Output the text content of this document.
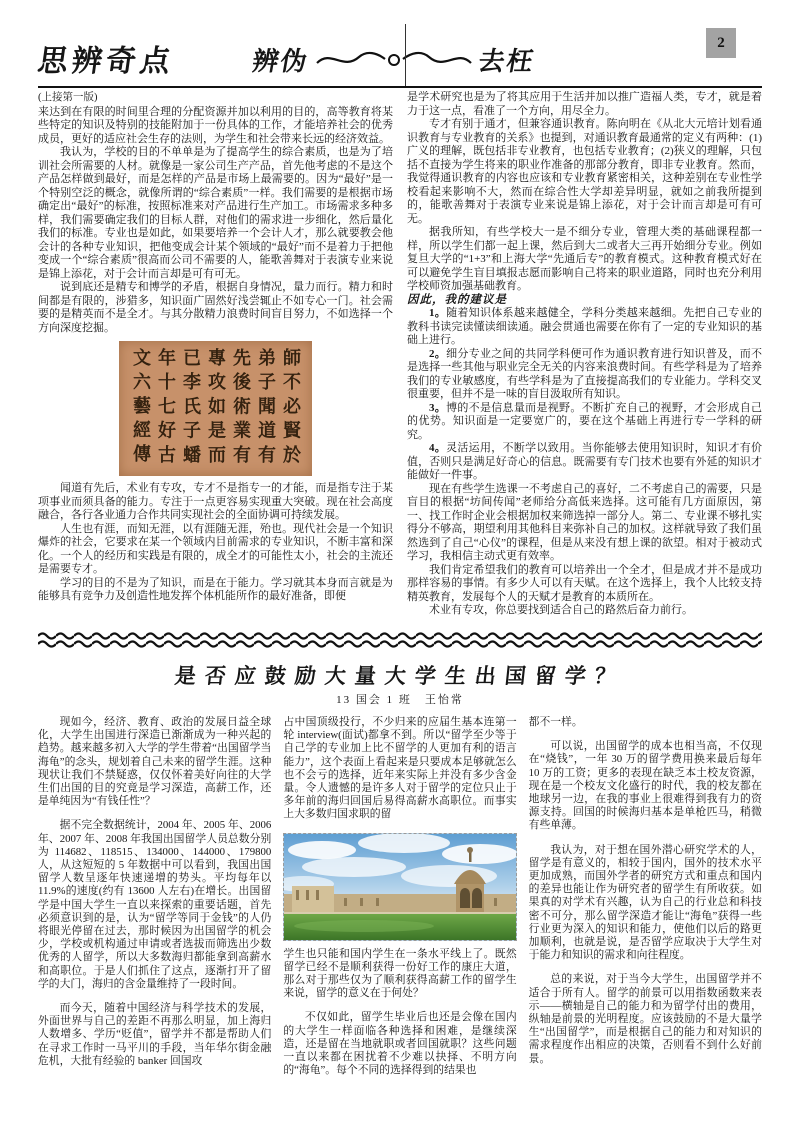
思辨奇点	辨伪	去枉
2

(上接第一版)

来达到在有限的时间里合理的分配资源并加以利用的目的，高等教育将某些特定的知识及特别的技能附加于一份具体的工作，才能培养社会的优秀成员，更好的适应社会生存的法则，为学生和社会带来长远的经济效益。

我认为，学校的目的不单单是为了提高学生的综合素质，也是为了培训社会所需要的人材。就像是一家公司生产产品，首先他考虑的不是这个产品怎样做到最好，而是怎样的产品是市场上最需要的。因为“最好”是一个特别空泛的概念，就像所谓的“综合素质”一样。我们需要的是根据市场确定出“最好”的标准，按照标准来对产品进行生产加工。市场需求多种多样，我们需要确定我们的目标人群，对他们的需求进一步细化，然后量化我们的标准。专业也是如此，如果要培养一个会计人才，那么就要教会他会计的各种专业知识，把他变成会计某个领域的“最好”而不是着力于把他变成一个“综合素质”很高而公司不需要的人，能歌善舞对于表演专业来说是锦上添花，对于会计而言却是可有可无。

说到底还是精专和博学的矛盾，根据自身情况，量力而行。精力和时间都是有限的，涉猎多，知识面广固然好浅尝辄止不如专心一门。社会需要的是精英而不是全才。与其分散精力浪费时间盲目努力，不如选择一个方向深度挖掘。

師不必賢於弟子聞道有先後術業有專攻如是而已李氏子蟠年十七好古文六藝經傳

闻道有先后，术业有专攻，专才不是指专一的才能，而是指专注于某项事业而须具备的能力。专注于一点更容易实现重大突破。现在社会高度融合，各行各业通力合作共同实现社会的全面协调可持续发展。

人生也有涯，而知无涯，以有涯随无涯，殆也。现代社会是一个知识爆炸的社会，它要求在某一个领域内目前需求的专业知识，不断丰富和深化。一个人的经历和实践是有限的，成全才的可能性太小，社会的主流还是需要专才。

学习的目的不是为了知识，而是在于能力。学习就其本身而言就是为能够具有竞争力及创造性地发挥个体机能所作的最好准备，即便

是学术研究也是为了将其应用于生活并加以推广造福人类，专才，就是着力于这一点，看准了一个方向，用尽全力。

专才有别于通才，但兼容通识教育。陈向明在《从北大元培计划看通识教育与专业教育的关系》也提到，对通识教育最通常的定义有两种：(1)广义的理解，既包括非专业教育，也包括专业教育；(2)狭义的理解，只包括不直接为学生将来的职业作准备的那部分教育，即非专业教育。然而，我觉得通识教育的内容也应该和专业教育紧密相关，这种差别在专业性学校看起来影响不大，然而在综合性大学却差异明显，就如之前我所提到的，能歌善舞对于表演专业来说是锦上添花，对于会计而言却是可有可无。

据我所知，有些学校大一是不细分专业，管理大类的基础课程都一样，所以学生们都一起上课，然后到大二或者大三再开始细分专业。例如复旦大学的“1+3”和上海大学“先通后专”的教育模式。这种教育模式好在可以避免学生盲目填报志愿而影响自己将来的职业道路，同时也充分利用学校师资加强基础教育。

因此，我的建议是

1。随着知识体系越来越健全，学科分类越来越细。先把自己专业的教科书读完读懂读细读通。融会贯通也需要在你有了一定的专业知识的基础上进行。

2。细分专业之间的共同学科便可作为通识教育进行知识普及，而不是选择一些其他与职业完全无关的内容来浪费时间。有些学科是为了培养我们的专业敏感度，有些学科是为了直接提高我们的专业能力。学科交叉很重要，但并不是一味的盲目汲取所有知识。

3。博的不是信息量而是视野。不断扩充自己的视野，才会形成自己的优势。知识面是一定要宽广的，要在这个基础上再进行专一学科的研究。

4。灵活运用，不断学以致用。当你能够去使用知识时，知识才有价值，否则只是满足好奇心的信息。既需要有专门技术也要有外延的知识才能做好一件事。

现在有些学生选课一不考虑自己的喜好，二不考虑自己的需要，只是盲目的根据“坊间传闻”老师给分高低来选择。这可能有几方面原因，第一、找工作时企业会根据加权来筛选掉一部分人。第二、专业课不够扎实得分不够高，期望利用其他科目来弥补自己的加权。这样就导致了我们虽然选到了自己“心仪”的课程，但是从来没有想上课的欲望。相对于被动式学习，我相信主动式更有效率。

我们肯定希望我们的教育可以培养出一个全才，但是成才并不是成功那样容易的事情。有多少人可以有天赋。在这个选择上，我个人比较支持精英教育，发展每个人的天赋才是教育的本质所在。

术业有专攻，你总要找到适合自己的路然后奋力前行。

是否应鼓励大量大学生出国留学？
13 国会 1 班　王怡常

现如今，经济、教育、政治的发展日益全球化，大学生出国进行深造已渐渐成为一种兴起的趋势。越来越多初入大学的学生带着“出国留学当海龟”的念头，规划着自己未来的留学生涯。这种现状让我们不禁疑惑，仅仅怀着美好向往的大学生们出国的目的究竟是学习深造，高薪工作，还是单纯因为“有钱任性”？

据不完全数据统计，2004 年、2005 年、2006 年、2007 年、2008 年我国出国留学人员总数分别为 114682、118515、134000、144000、179800 人，从这短短的 5 年数据中可以看到，我国出国留学人数呈逐年快速递增的势头。平均每年以 11.9%的速度(约有 13600 人左右)在增长。出国留学是中国大学生一直以来探索的重要话题，首先必须意识到的是，认为“留学等同于金钱”的人仍将眼光停留在过去，那时候因为出国留学的机会少，学校或机构通过申请或者选拔而筛选出少数优秀的人留学，所以大多数海归都能拿到高薪水和高职位。于是人们抓住了这点，逐渐打开了留学的大门，海归的含金量维持了一段时间。

而今天，随着中国经济与科学技术的发展，外面世界与自己的差距不再那么明显，加上海归人数增多、学历“贬值”，留学并不都是帮助人们在寻求工作时一马平川的手段，当年华尔街金融危机，大批有经验的 banker 回国攻

占中国顶级投行，不少归来的应届生基本连第一轮 interview(面试)都拿不到。所以“留学至少等于自己学的专业加上比不留学的人更加有利的语言能力”，这个表面上看起来是只要成本足够就怎么也不会亏的选择，近年来实际上并没有多少含金量。令人遗憾的是许多人对于留学的定位只止于多年前的海归回国后易得高薪水高职位。而事实上大多数归国求职的留

学生也只能和国内学生在一条水平线上了。既然留学已经不是顺利获得一份好工作的康庄大道，那么对于那些仅为了顺利获得高薪工作的留学生来说，留学的意义在于何处？

不仅如此，留学生毕业后也还是会像在国内的大学生一样面临各种选择和困难，是继续深造，还是留在当地就职或者回国就职？这些问题一直以来都在困扰着不少难以抉择、不明方向的“海龟”。每个不同的选择得到的结果也

都不一样。

可以说，出国留学的成本也相当高，不仅现在“烧钱”，一年 30 万的留学费用换来最后每年 10 万的工资；更多的表现在缺乏本土校友资源，现在是一个校友文化盛行的时代，我的校友都在地球另一边，在我的事业上很难得到我有力的资源支持。回国的时候海归基本是单枪匹马，稍微有些单薄。

我认为，对于想在国外潜心研究学术的人，留学是有意义的，相较于国内，国外的技术水平更加成熟，而国外学者的研究方式和重点和国内的差异也能让作为研究者的留学生有所收获。如果真的对学术有兴趣，认为自己的行业总和科技密不可分，那么留学深造才能让“海龟”获得一些行业更为深入的知识和能力，使他们以后的路更加顺利，也就是说，是否留学应取决于大学生对于能力和知识的需求和向往程度。

总的来说，对于当今大学生，出国留学并不适合于所有人。留学的前景可以用指数函数来表示——横轴是自己的能力和为留学付出的费用，纵轴是前景的光明程度。应该鼓励的不是大量学生“出国留学”，而是根据自己的能力和对知识的需求程度作出相应的决策，否则看不到什么好前景。
